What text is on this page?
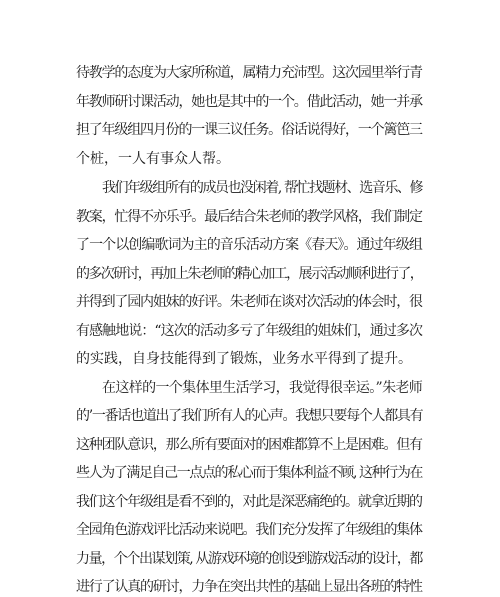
待教学的态度为大家所称道，属精力充沛型。这次园里举行青
年教师研讨课活动，她也是其中的一个。借此活动，她一并承
担了年级组四月份的一课三议任务。俗话说得好，一个篱笆三
个桩，一人有事众人帮。
我们年级组所有的成员也没闲着, 帮忙找题材、选音乐、修
教案，忙得不亦乐乎。最后结合朱老师的教学风格，我们制定
了一个以创编歌词为主的音乐活动方案《春天》。通过年级组
的多次研讨，再加上朱老师的精心加工，展示活动顺利进行了，
并得到了园内姐妹的好评。朱老师在谈对次活动的体会时，很
有感触地说：“这次的活动多亏了年级组的姐妹们，通过多次
的实践，自身技能得到了锻炼，业务水平得到了提升。
在这样的一个集体里生活学习，我觉得很幸运。”朱老师
的’一番话也道出了我们所有人的心声。我想只要每个人都具有
这种团队意识，那么所有要面对的困难都算不上是困难。但有
些人为了满足自己一点点的私心而于集体利益不顾, 这种行为在
我们这个年级组是看不到的，对此是深恶痛绝的。就拿近期的
全园角色游戏评比活动来说吧。我们充分发挥了年级组的集体
力量，个个出谋划策, 从游戏环境的创设到游戏活动的设计，都
进行了认真的研讨，力争在突出共性的基础上显出各班的特性
